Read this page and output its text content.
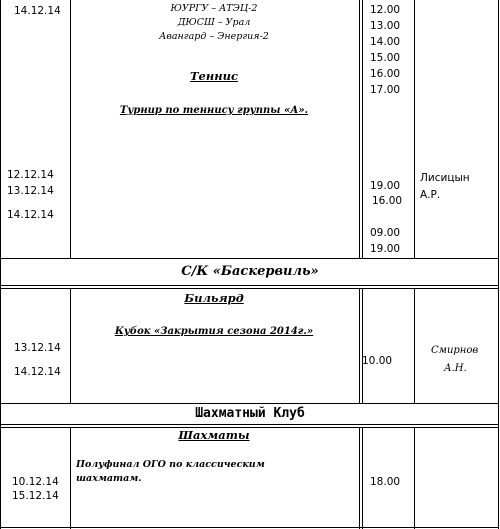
14.12.14
12.12.14
13.12.14
14.12.14
ЮУРГУ – АТЭЦ-2
ДЮСШ – Урал
Авангард – Энергия-2
Теннис
Турнир по теннису группы «А».
12.00
13.00
14.00
15.00
16.00
17.00
19.00
16.00
09.00
19.00
Лисицын
А.Р.
С/К «Баскервиль»
Бильярд
Кубок «Закрытия сезона 2014г.»
13.12.14
14.12.14
10.00
Смирнов
А.Н.
Шахматный Клуб
Шахматы
Полуфинал ОГО по классическим
шахматам.
10.12.14
15.12.14
18.00
